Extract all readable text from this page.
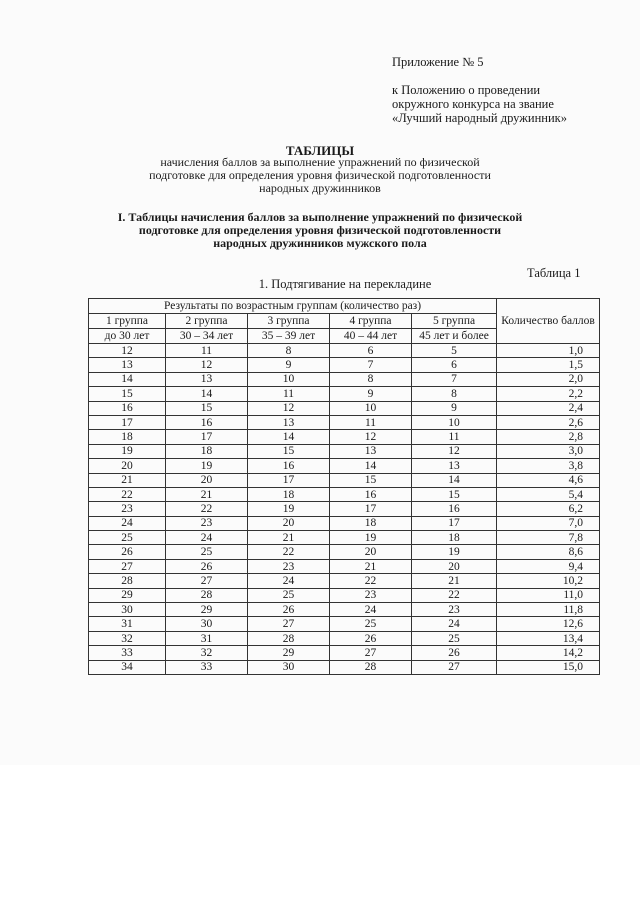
Приложение № 5
к Положению о проведении
окружного конкурса на звание
«Лучший народный дружинник»
ТАБЛИЦЫ
начисления баллов за выполнение упражнений по физической
подготовке для определения уровня физической подготовленности
народных дружинников
I. Таблицы начисления баллов за выполнение упражнений по физической
подготовке для определения уровня физической подготовленности
народных дружинников мужского пола
Таблица 1
1. Подтягивание на перекладине
Результаты по возрастным группам (количество раз)					Количество баллов
1 группа	2 группа	3 группа	4 группа	5 группа	
до 30 лет	30 – 34 лет	35 – 39 лет	40 – 44 лет	45 лет и более	
12	11	8	6	5	1,0
13	12	9	7	6	1,5
14	13	10	8	7	2,0
15	14	11	9	8	2,2
16	15	12	10	9	2,4
17	16	13	11	10	2,6
18	17	14	12	11	2,8
19	18	15	13	12	3,0
20	19	16	14	13	3,8
21	20	17	15	14	4,6
22	21	18	16	15	5,4
23	22	19	17	16	6,2
24	23	20	18	17	7,0
25	24	21	19	18	7,8
26	25	22	20	19	8,6
27	26	23	21	20	9,4
28	27	24	22	21	10,2
29	28	25	23	22	11,0
30	29	26	24	23	11,8
31	30	27	25	24	12,6
32	31	28	26	25	13,4
33	32	29	27	26	14,2
34	33	30	28	27	15,0
